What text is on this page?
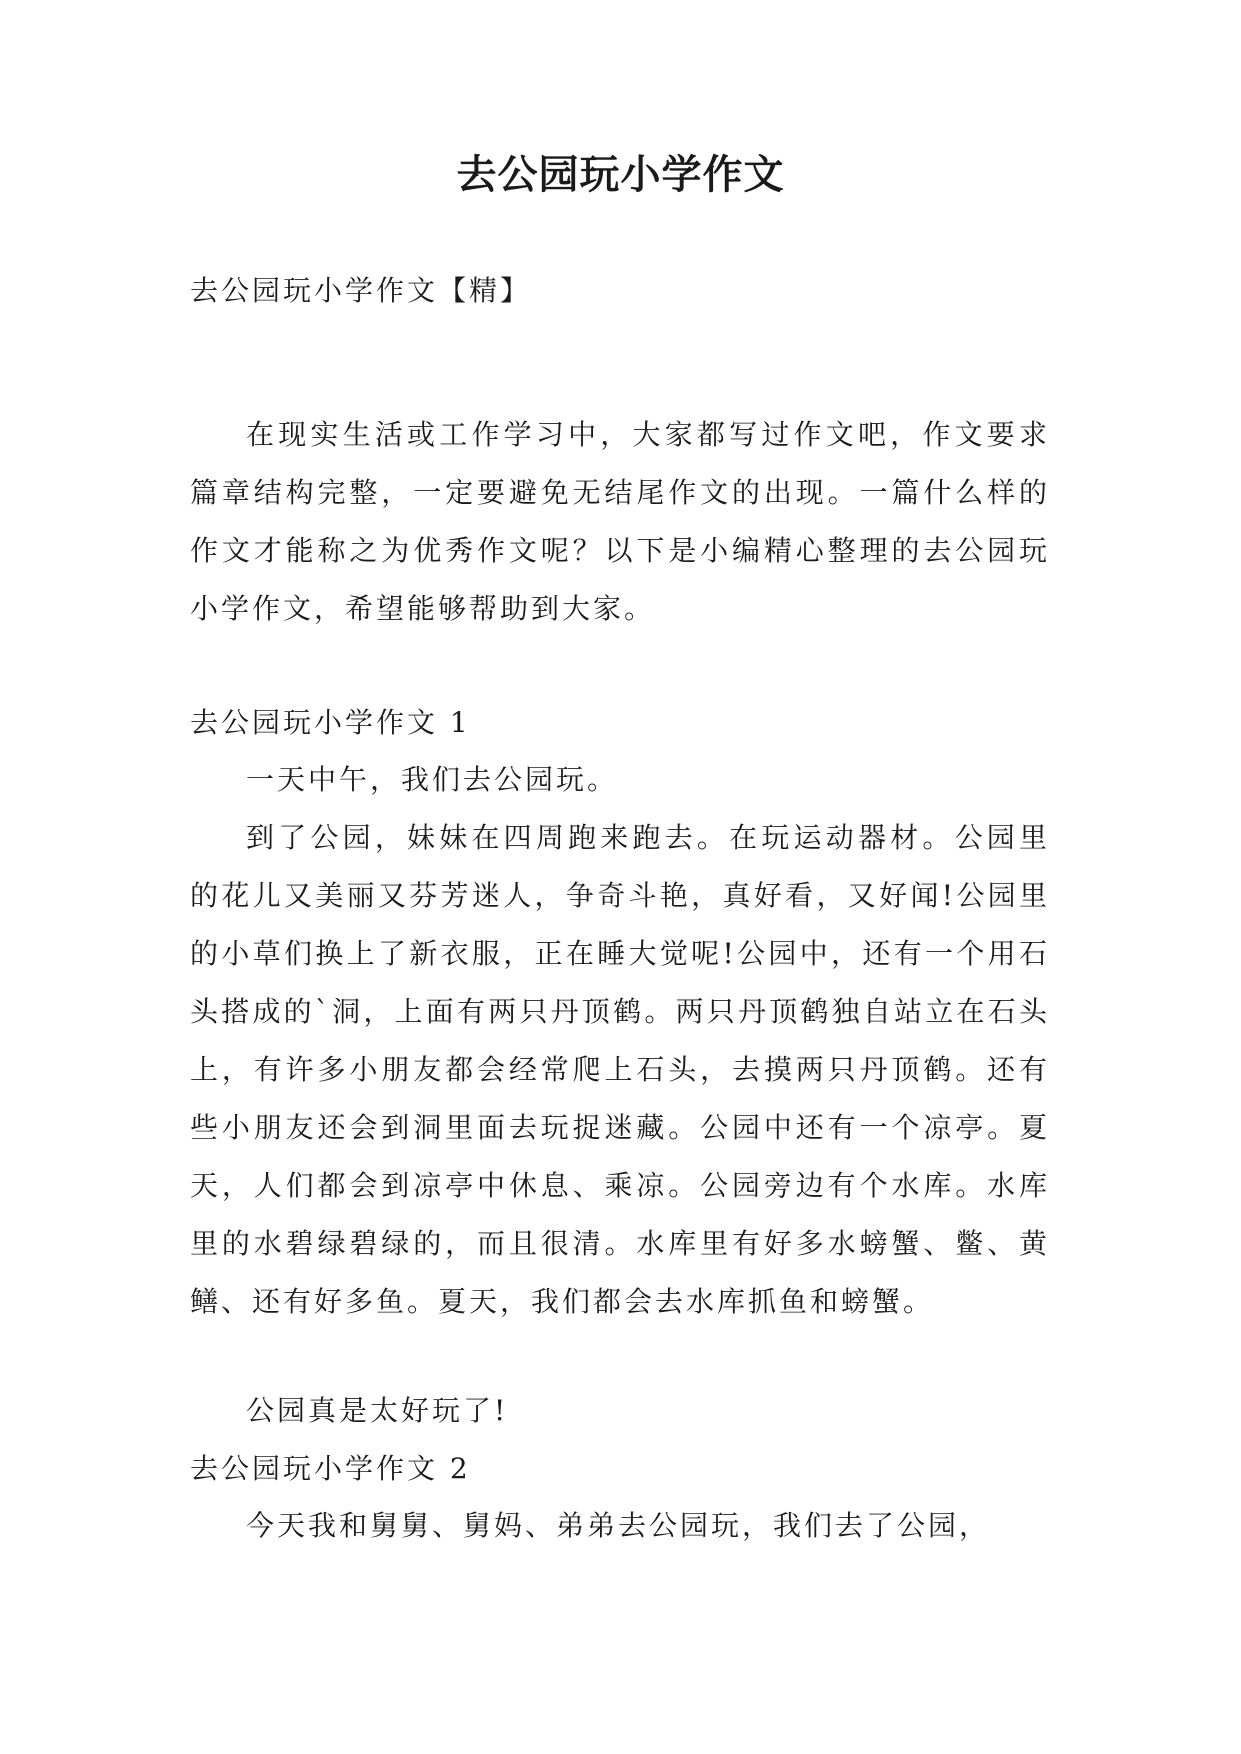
去公园玩小学作文

去公园玩小学作文【精】

在现实生活或工作学习中，大家都写过作文吧，作文要求篇章结构完整，一定要避免无结尾作文的出现。一篇什么样的作文才能称之为优秀作文呢？以下是小编精心整理的去公园玩小学作文，希望能够帮助到大家。

去公园玩小学作文 1

一天中午，我们去公园玩。

到了公园，妹妹在四周跑来跑去。在玩运动器材。公园里的花儿又美丽又芬芳迷人，争奇斗艳，真好看，又好闻!公园里的小草们换上了新衣服，正在睡大觉呢!公园中，还有一个用石头搭成的`洞，上面有两只丹顶鹤。两只丹顶鹤独自站立在石头上，有许多小朋友都会经常爬上石头，去摸两只丹顶鹤。还有些小朋友还会到洞里面去玩捉迷藏。公园中还有一个凉亭。夏天，人们都会到凉亭中休息、乘凉。公园旁边有个水库。水库里的水碧绿碧绿的，而且很清。水库里有好多水螃蟹、鳖、黄鳝、还有好多鱼。夏天，我们都会去水库抓鱼和螃蟹。

公园真是太好玩了!

去公园玩小学作文 2

今天我和舅舅、舅妈、弟弟去公园玩，我们去了公园，
